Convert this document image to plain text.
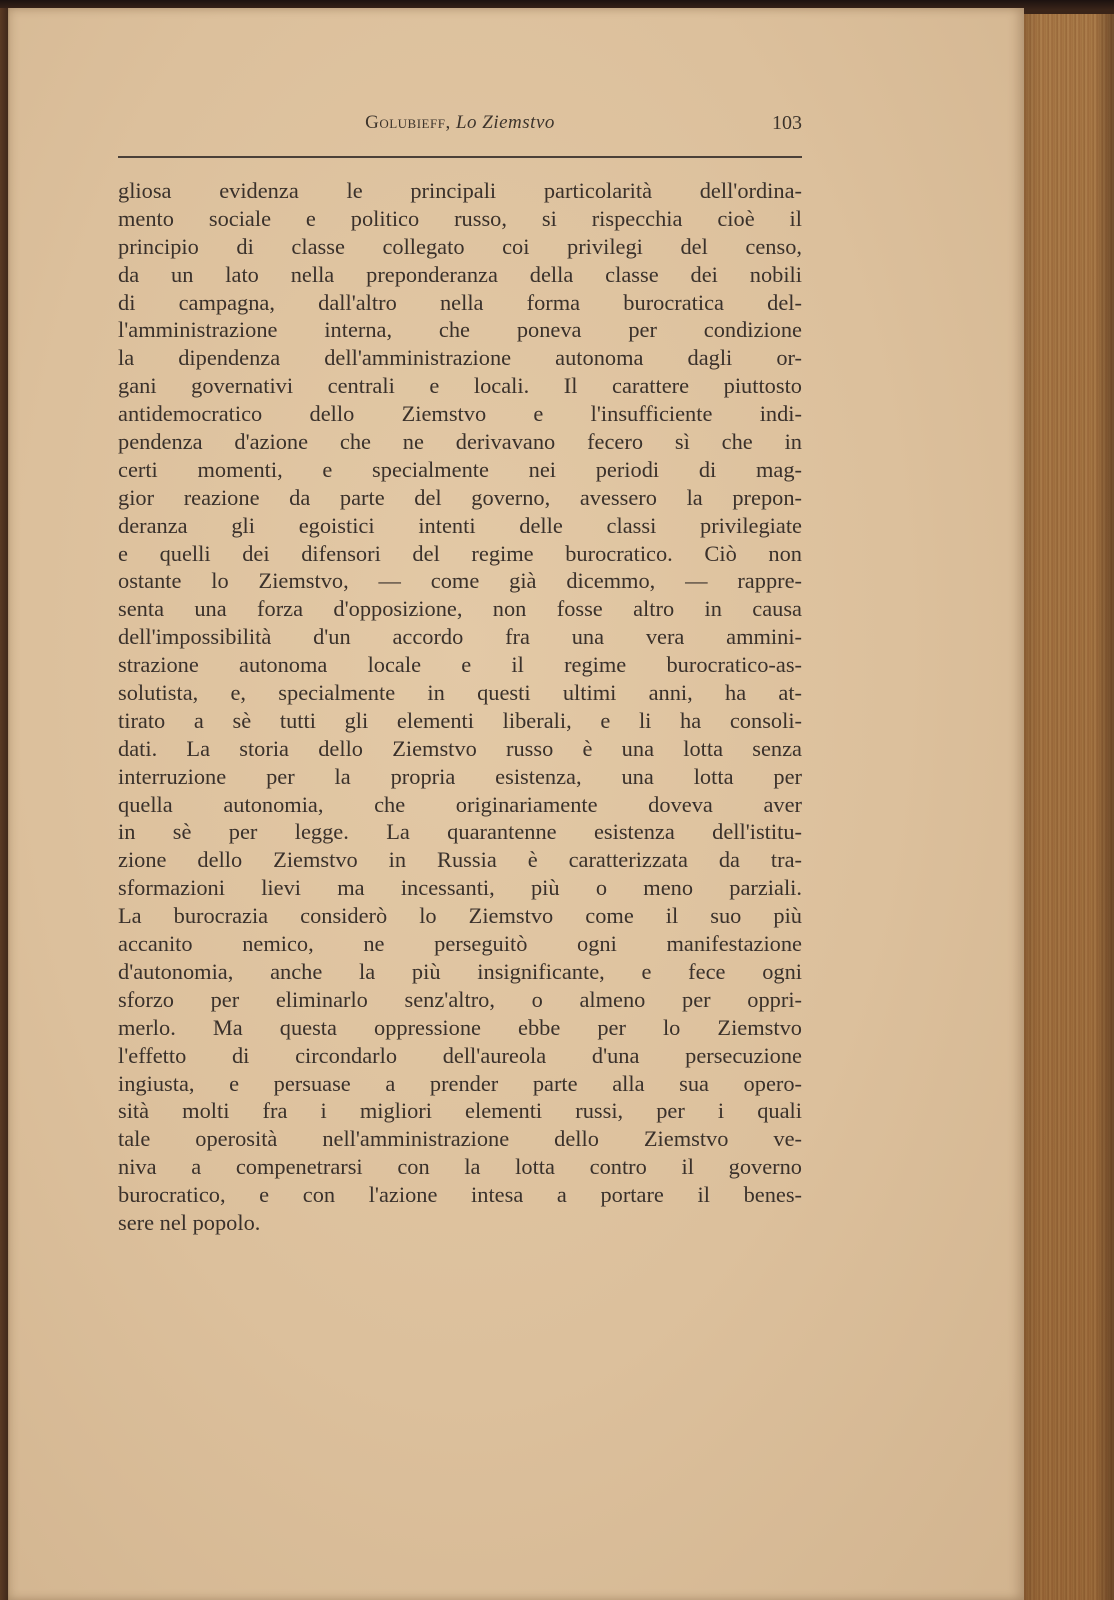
Golubieff, Lo Ziemstvo	103
gliosa evidenza le principali particolarità dell'ordina-
mento sociale e politico russo, si rispecchia cioè il
principio di classe collegato coi privilegi del censo,
da un lato nella preponderanza della classe dei nobili
di campagna, dall'altro nella forma burocratica del-
l'amministrazione interna, che poneva per condizione
la dipendenza dell'amministrazione autonoma dagli or-
gani governativi centrali e locali. Il carattere piuttosto
antidemocratico dello Ziemstvo e l'insufficiente indi-
pendenza d'azione che ne derivavano fecero sì che in
certi momenti, e specialmente nei periodi di mag-
gior reazione da parte del governo, avessero la prepon-
deranza gli egoistici intenti delle classi privilegiate
e quelli dei difensori del regime burocratico. Ciò non
ostante lo Ziemstvo, — come già dicemmo, — rappre-
senta una forza d'opposizione, non fosse altro in causa
dell'impossibilità d'un accordo fra una vera ammini-
strazione autonoma locale e il regime burocratico-as-
solutista, e, specialmente in questi ultimi anni, ha at-
tirato a sè tutti gli elementi liberali, e li ha consoli-
dati. La storia dello Ziemstvo russo è una lotta senza
interruzione per la propria esistenza, una lotta per
quella autonomia, che originariamente doveva aver
in sè per legge. La quarantenne esistenza dell'istitu-
zione dello Ziemstvo in Russia è caratterizzata da tra-
sformazioni lievi ma incessanti, più o meno parziali.
La burocrazia considerò lo Ziemstvo come il suo più
accanito nemico, ne perseguitò ogni manifestazione
d'autonomia, anche la più insignificante, e fece ogni
sforzo per eliminarlo senz'altro, o almeno per oppri-
merlo. Ma questa oppressione ebbe per lo Ziemstvo
l'effetto di circondarlo dell'aureola d'una persecuzione
ingiusta, e persuase a prender parte alla sua opero-
sità molti fra i migliori elementi russi, per i quali
tale operosità nell'amministrazione dello Ziemstvo ve-
niva a compenetrarsi con la lotta contro il governo
burocratico, e con l'azione intesa a portare il benes-
sere nel popolo.
